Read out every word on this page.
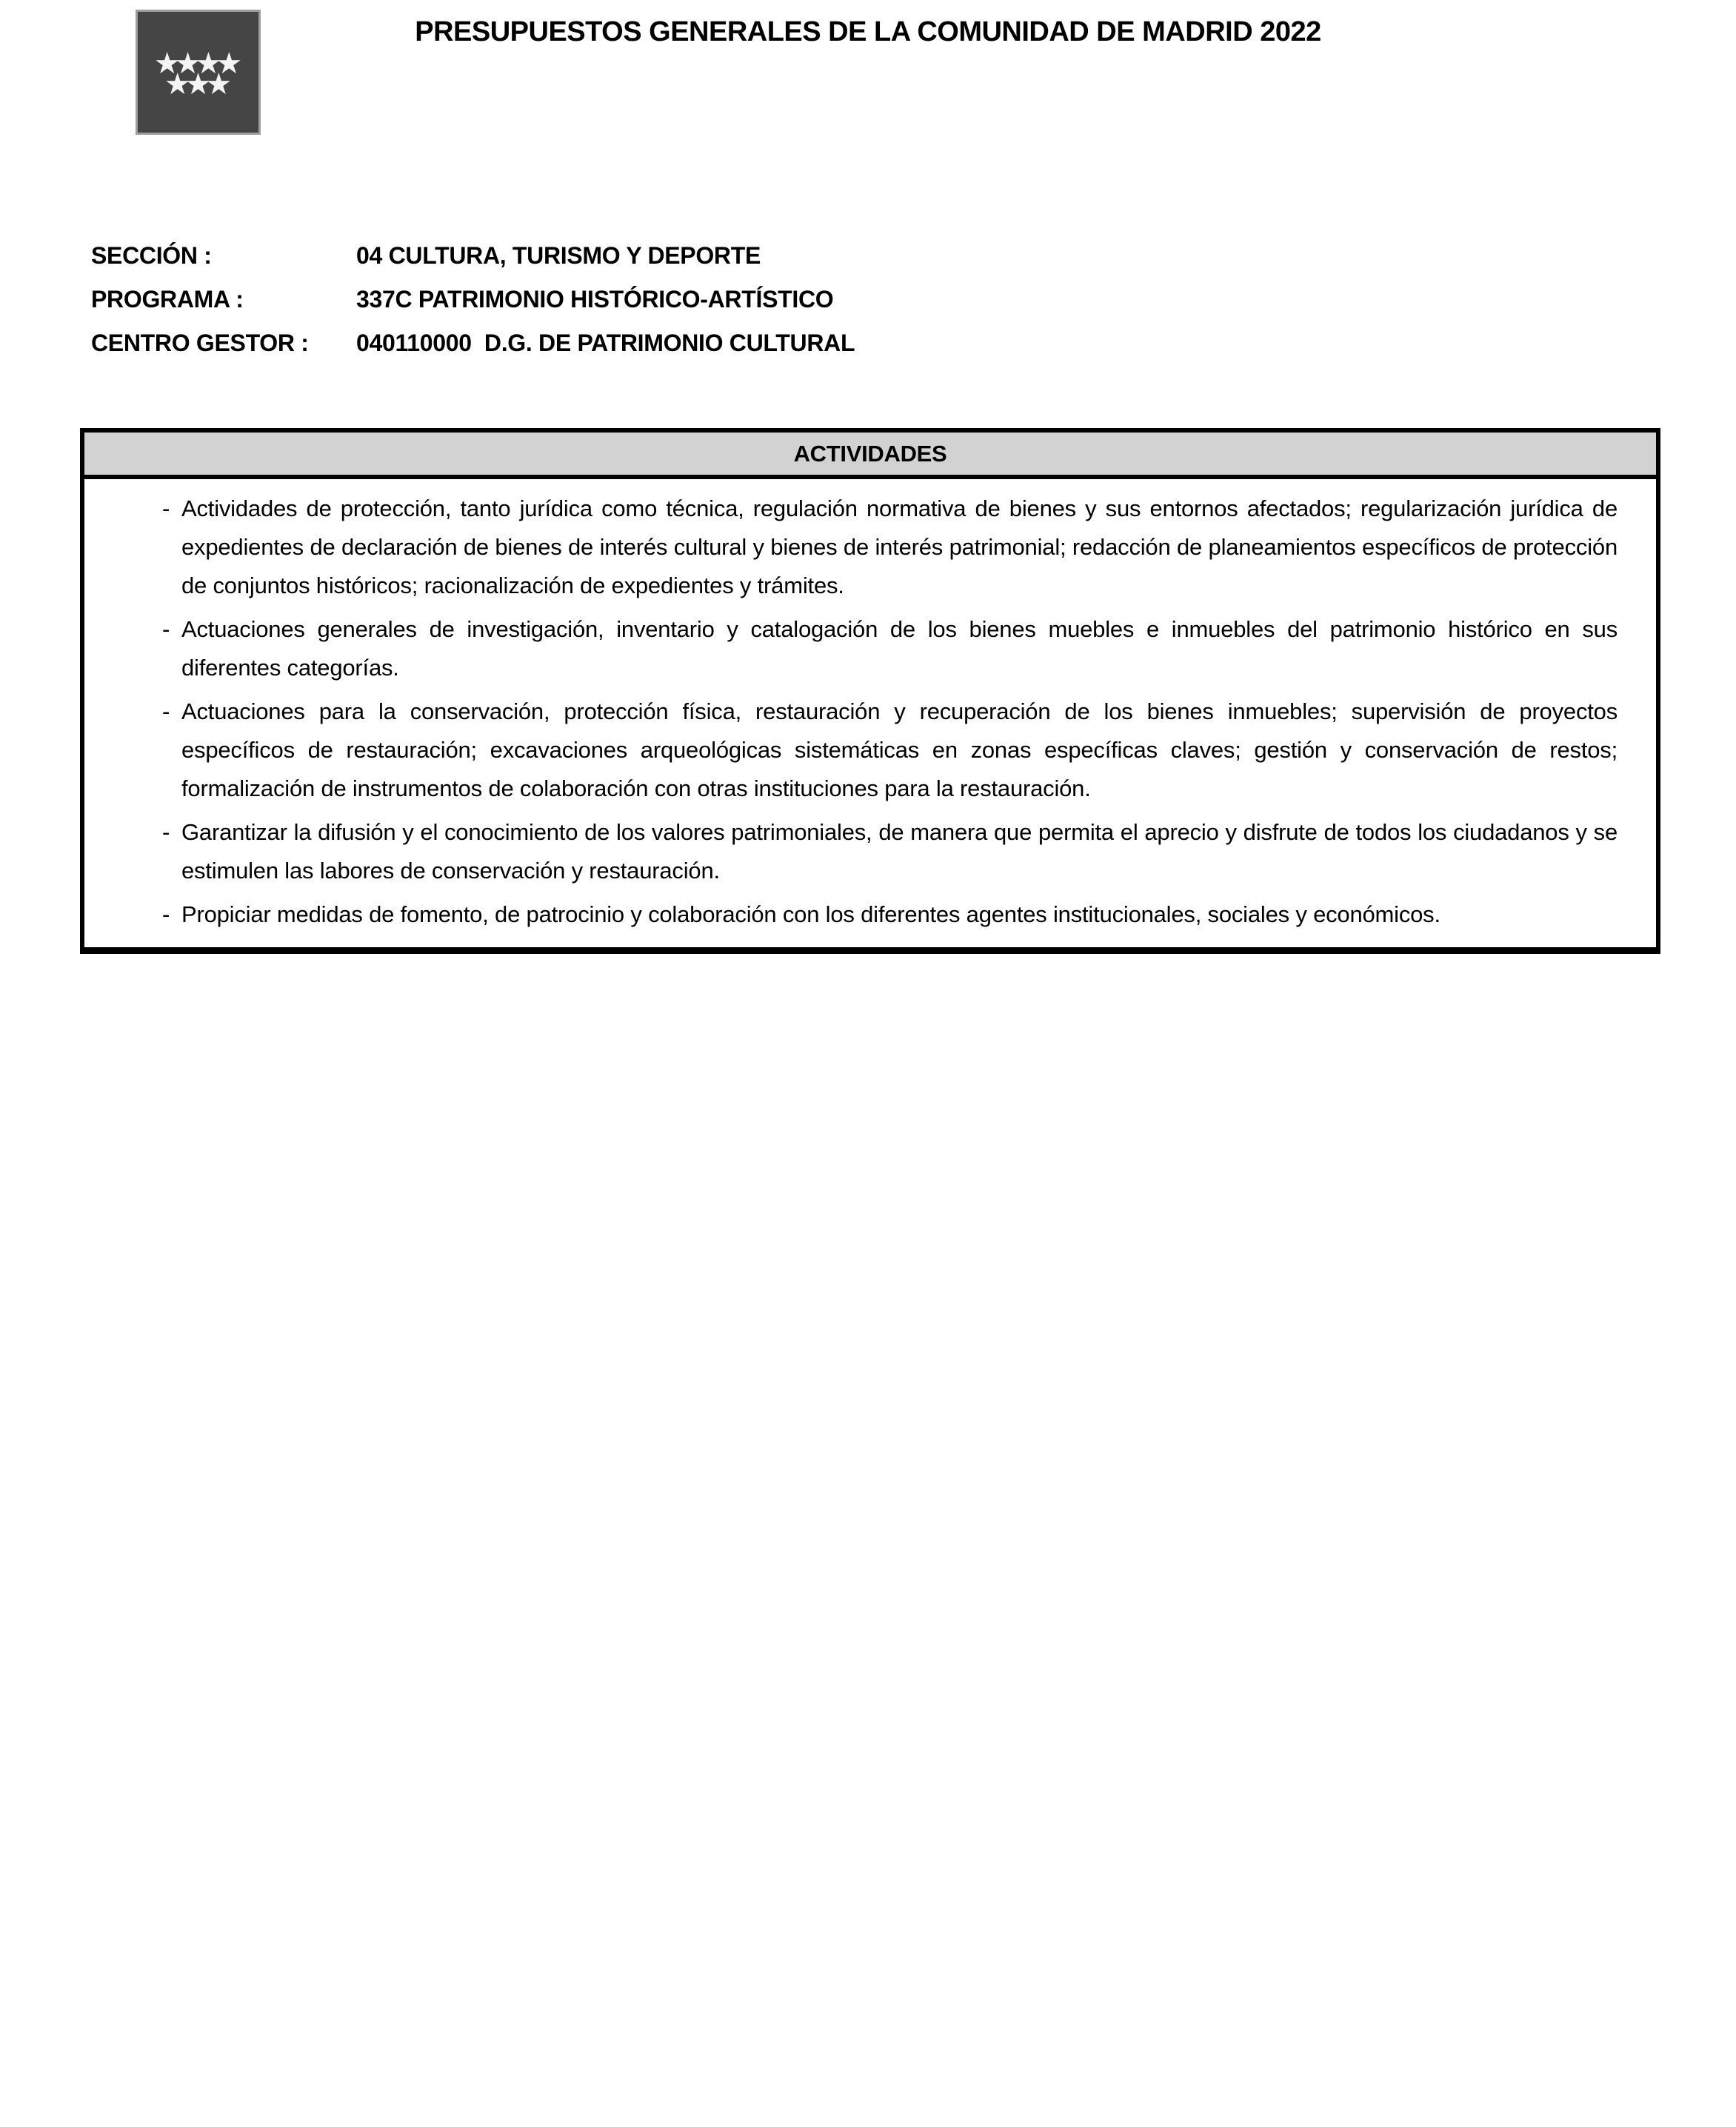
★
★
★
★
★
★
★
PRESUPUESTOS GENERALES DE LA COMUNIDAD DE MADRID 2022
SECCIÓN :	04 CULTURA, TURISMO Y DEPORTE
PROGRAMA :	337C PATRIMONIO HISTÓRICO-ARTÍSTICO
CENTRO GESTOR :	040110000  D.G. DE PATRIMONIO CULTURAL
ACTIVIDADES
- Actividades de protección, tanto jurídica como técnica, regulación normativa de bienes y sus entornos afectados; regularización jurídica de expedientes de declaración de bienes de interés cultural y bienes de interés patrimonial; redacción de planeamientos específicos de protección de conjuntos históricos; racionalización de expedientes y trámites.
- Actuaciones generales de investigación, inventario y catalogación de los bienes muebles e inmuebles del patrimonio histórico en sus diferentes categorías.
- Actuaciones para la conservación, protección física, restauración y recuperación de los bienes inmuebles; supervisión de proyectos específicos de restauración; excavaciones arqueológicas sistemáticas en zonas específicas claves; gestión y conservación de restos; formalización de instrumentos de colaboración con otras instituciones para la restauración.
- Garantizar la difusión y el conocimiento de los valores patrimoniales, de manera que permita el aprecio y disfrute de todos los ciudadanos y se estimulen las labores de conservación y restauración.
- Propiciar medidas de fomento, de patrocinio y colaboración con los diferentes agentes institucionales, sociales y económicos.
